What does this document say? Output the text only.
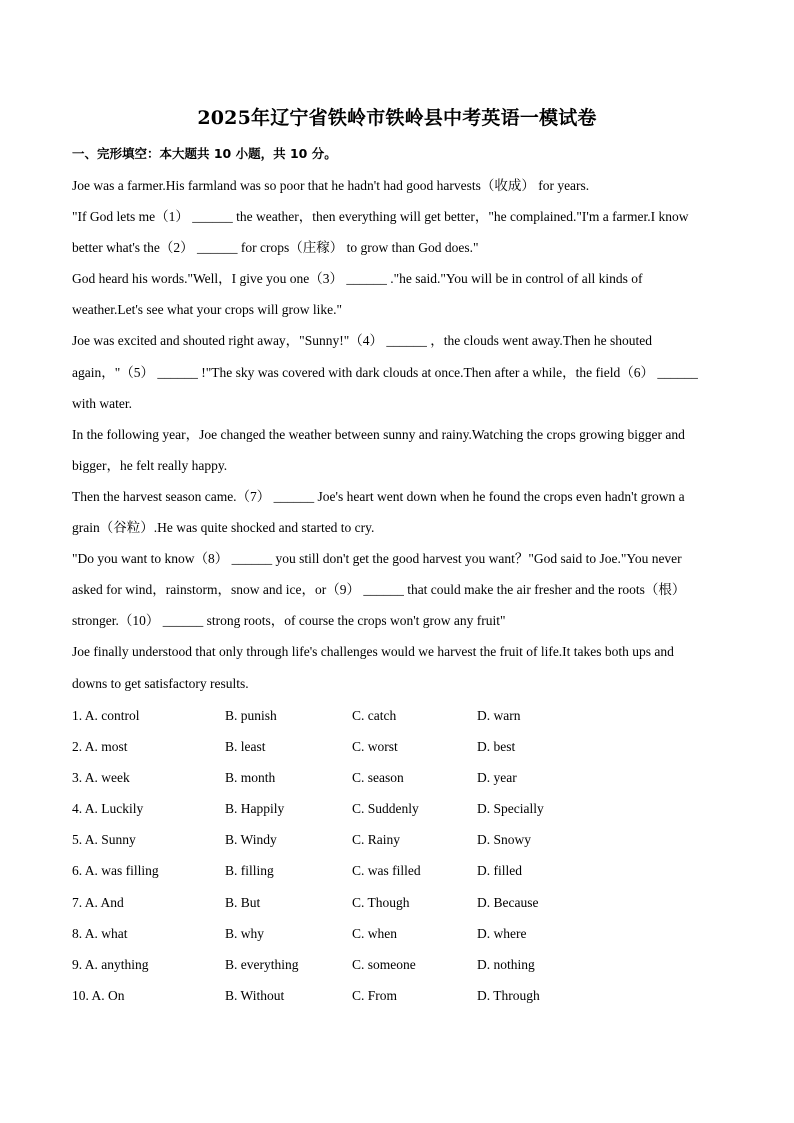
2025年辽宁省铁岭市铁岭县中考英语一模试卷
一、完形填空：本大题共 10 小题，共 10 分。
Joe was a farmer.His farmland was so poor that he hadn't had good harvests（收成） for years.
"If God lets me（1） ______ the weather，then everything will get better，"he complained."I'm a farmer.I know
better what's the（2） ______ for crops（庄稼） to grow than God does."
God heard his words."Well，I give you one（3） ______ ."he said."You will be in control of all kinds of
weather.Let's see what your crops will grow like."
Joe was excited and shouted right away，"Sunny!"（4） ______ ，the clouds went away.Then he shouted
again，"（5） ______ !"The sky was covered with dark clouds at once.Then after a while，the field（6） ______
with water.
In the following year，Joe changed the weather between sunny and rainy.Watching the crops growing bigger and
bigger，he felt really happy.
Then the harvest season came.（7） ______ Joe's heart went down when he found the crops even hadn't grown a
grain（谷粒）.He was quite shocked and started to cry.
"Do you want to know（8） ______ you still don't get the good harvest you want？"God said to Joe."You never
asked for wind，rainstorm，snow and ice，or（9） ______ that could make the air fresher and the roots（根）
stronger.（10） ______ strong roots，of course the crops won't grow any fruit"
Joe finally understood that only through life's challenges would we harvest the fruit of life.It takes both ups and
downs to get satisfactory results.
1. A. control	B. punish	C. catch	D. warn
2. A. most	B. least	C. worst	D. best
3. A. week	B. month	C. season	D. year
4. A. Luckily	B. Happily	C. Suddenly	D. Specially
5. A. Sunny	B. Windy	C. Rainy	D. Snowy
6. A. was filling	B. filling	C. was filled	D. filled
7. A. And	B. But	C. Though	D. Because
8. A. what	B. why	C. when	D. where
9. A. anything	B. everything	C. someone	D. nothing
10. A. On	B. Without	C. From	D. Through
